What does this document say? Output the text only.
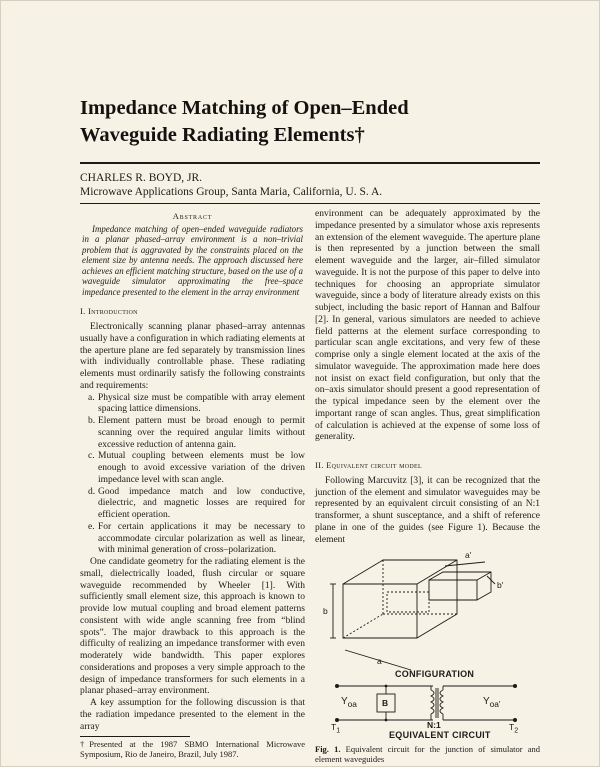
Impedance Matching of Open–Ended
Waveguide Radiating Elements†

CHARLES R. BOYD, JR.

Microwave Applications Group, Santa Maria, California, U. S. A.

Abstract

Impedance matching of open–ended waveguide radiators in a planar phased–array environment is a non–trivial problem that is aggravated by the constraints placed on the element size by antenna needs. The approach discussed here achieves an efficient matching structure, based on the use of a waveguide simulator approximating the free–space impedance presented to the element in the array environment

I. Introduction

Electronically scanning planar phased–array antennas usually have a configuration in which radiating elements at the aperture plane are fed separately by transmission lines with individually controllable phase. These radiating elements must ordinarily satisfy the following constraints and requirements:

a. Physical size must be compatible with array element spacing lattice dimensions.
b. Element pattern must be broad enough to permit scanning over the required angular limits without excessive reduction of antenna gain.
c. Mutual coupling between elements must be low enough to avoid excessive variation of the driven impedance level with scan angle.
d. Good impedance match and low conductive, dielectric, and magnetic losses are required for efficient operation.
e. For certain applications it may be necessary to accommodate circular polarization as well as linear, with minimal generation of cross–polarization.

One candidate geometry for the radiating element is the small, dielectrically loaded, flush circular or square waveguide recommended by Wheeler [1]. With sufficiently small element size, this approach is known to provide low mutual coupling and broad element patterns consistent with wide angle scanning free from “blind spots”. The major drawback to this approach is the difficulty of realizing an impedance transformer with even moderately wide bandwidth. This paper explores considerations and proposes a very simple approach to the design of impedance transformers for such elements in a planar phased–array environment.

A key assumption for the following discussion is that the radiation impedance presented to the element in the array

†Presented at the 1987 SBMO International Microwave Symposium, Rio de Janeiro, Brazil, July 1987.

environment can be adequately approximated by the impedance presented by a simulator whose axis represents an extension of the element waveguide. The aperture plane is then represented by a junction between the small element waveguide and the larger, air–filled simulator waveguide. It is not the purpose of this paper to delve into techniques for choosing an appropriate simulator waveguide, since a body of literature already exists on this subject, including the basic report of Hannan and Balfour [2]. In general, various simulators are needed to achieve field patterns at the element surface corresponding to particular scan angle excitations, and very few of these comprise only a single element located at the axis of the simulator waveguide. The approximation made here does not insist on exact field configuration, but only that the on–axis simulator should present a good representation of the typical impedance seen by the element over the important range of scan angles. Thus, great simplification of calculation is achieved at the expense of some loss of generality.

II. Equivalent circuit model

Following Marcuvitz [3], it can be recognized that the junction of the element and simulator waveguides may be represented by an equivalent circuit consisting of an N:1 transformer, a shunt susceptance, and a shift of reference plane in one of the guides (see Figure 1). Because the element

a'
b'
b
a
CONFIGURATION
B
$Y_{oa}$	$Y_{oa'}$
N:1
$T_1$	$T_2$
EQUIVALENT CIRCUIT

Fig. 1. Equivalent circuit for the junction of simulator and element waveguides
